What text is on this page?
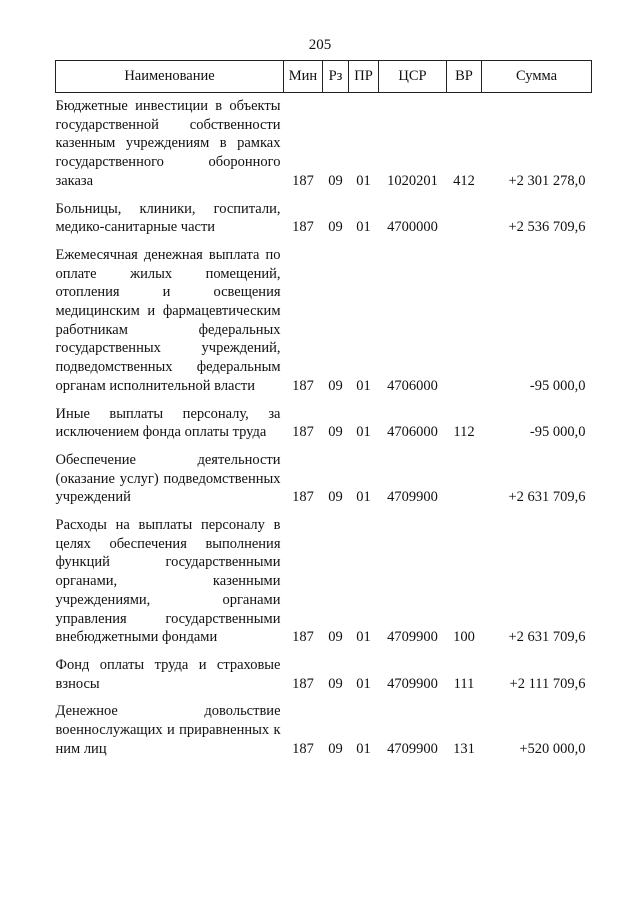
205
Наименование	Мин	Рз	ПР	ЦСР	ВР	Сумма
Бюджетные инвестиции в объекты государственной собственности казенным учреждениям в рамках государственного оборонного заказа	187	09	01	1020201	412	+2 301 278,0
Больницы, клиники, госпитали, медико-санитарные части	187	09	01	4700000		+2 536 709,6
Ежемесячная денежная выплата по оплате жилых помещений, отопления и освещения медицинским и фармацевтическим работникам федеральных государственных учреждений, подведомственных федеральным органам исполнительной власти	187	09	01	4706000		-95 000,0
Иные выплаты персоналу, за исключением фонда оплаты труда	187	09	01	4706000	112	-95 000,0
Обеспечение деятельности (оказание услуг) подведомственных учреждений	187	09	01	4709900		+2 631 709,6
Расходы на выплаты персоналу в целях обеспечения выполнения функций государственными органами, казенными учреждениями, органами управления государственными внебюджетными фондами	187	09	01	4709900	100	+2 631 709,6
Фонд оплаты труда и страховые взносы	187	09	01	4709900	111	+2 111 709,6
Денежное довольствие военнослужащих и приравненных к ним лиц	187	09	01	4709900	131	+520 000,0
